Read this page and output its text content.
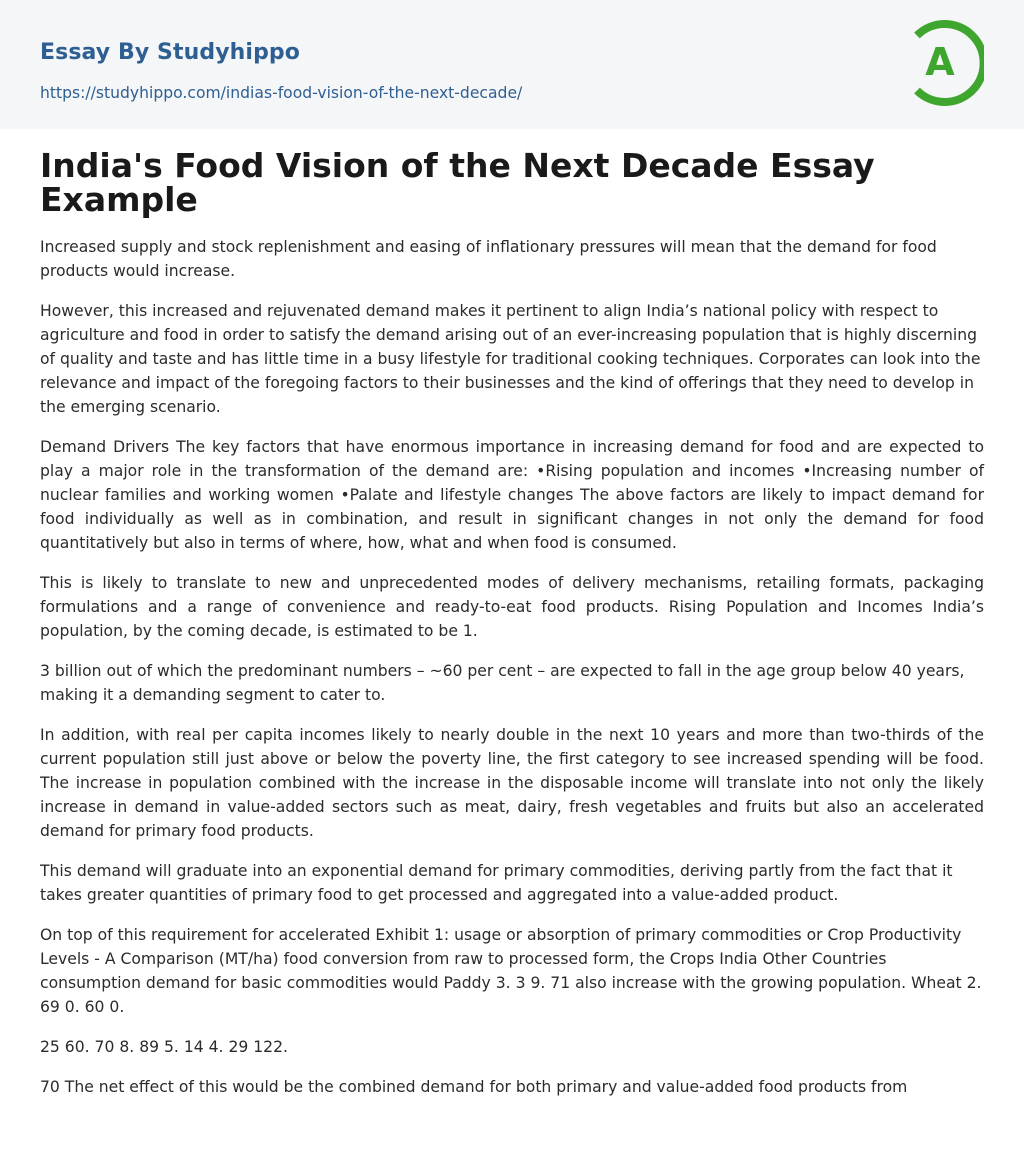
Essay By Studyhippo
https://studyhippo.com/indias-food-vision-of-the-next-decade/
A
India's Food Vision of the Next Decade Essay Example

Increased supply and stock replenishment and easing of inflationary pressures will mean that the demand for food products would increase.

However, this increased and rejuvenated demand makes it pertinent to align India’s national policy with respect to agriculture and food in order to satisfy the demand arising out of an ever-increasing population that is highly discerning of quality and taste and has little time in a busy lifestyle for traditional cooking techniques. Corporates can look into the relevance and impact of the foregoing factors to their businesses and the kind of offerings that they need to develop in the emerging scenario.

Demand Drivers The key factors that have enormous importance in increasing demand for food and are expected to play a major role in the transformation of the demand are: •Rising population and incomes •Increasing number of nuclear families and working women •Palate and lifestyle changes The above factors are likely to impact demand for food individually as well as in combination, and result in significant changes in not only the demand for food quantitatively but also in terms of where, how, what and when food is consumed.

This is likely to translate to new and unprecedented modes of delivery mechanisms, retailing formats, packaging formulations and a range of convenience and ready-to-eat food products. Rising Population and Incomes India’s population, by the coming decade, is estimated to be 1.

3 billion out of which the predominant numbers – ~60 per cent – are expected to fall in the age group below 40 years, making it a demanding segment to cater to.

In addition, with real per capita incomes likely to nearly double in the next 10 years and more than two-thirds of the current population still just above or below the poverty line, the first category to see increased spending will be food. The increase in population combined with the increase in the disposable income will translate into not only the likely increase in demand in value-added sectors such as meat, dairy, fresh vegetables and fruits but also an accelerated demand for primary food products.

This demand will graduate into an exponential demand for primary commodities, deriving partly from the fact that it takes greater quantities of primary food to get processed and aggregated into a value-added product.

On top of this requirement for accelerated Exhibit 1: usage or absorption of primary commodities or Crop Productivity Levels - A Comparison (MT/ha) food conversion from raw to processed form, the Crops India Other Countries consumption demand for basic commodities would Paddy 3. 3 9. 71 also increase with the growing population. Wheat 2. 69 0. 60 0.

25 60. 70 8. 89 5. 14 4. 29 122.

70 The net effect of this would be the combined demand for both primary and value-added food products from
